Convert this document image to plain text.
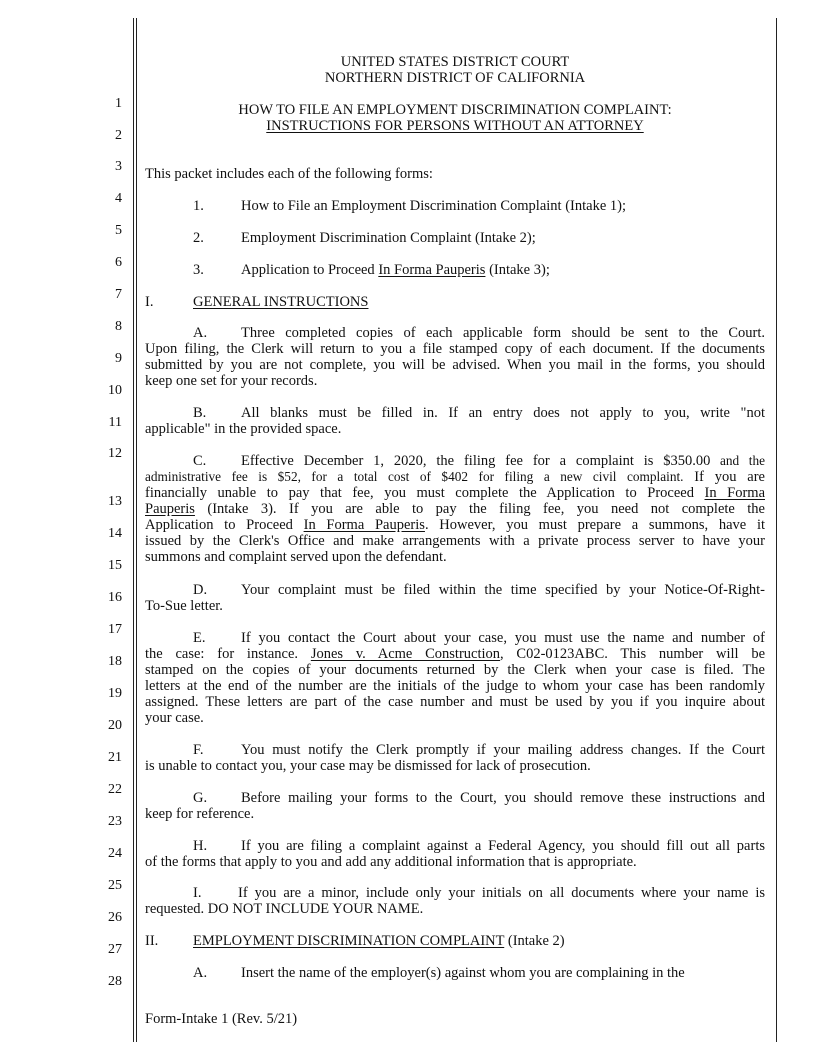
1
2
3
4
5
6
7
8
9
10
11
12
13
14
15
16
17
18
19
20
21
22
23
24
25
26
27
28
UNITED STATES DISTRICT COURT
NORTHERN DISTRICT OF CALIFORNIA
HOW TO FILE AN EMPLOYMENT DISCRIMINATION COMPLAINT:
INSTRUCTIONS FOR PERSONS WITHOUT AN ATTORNEY
This packet includes each of the following forms:
1.	How to File an Employment Discrimination Complaint (Intake 1);
2.	Employment Discrimination Complaint (Intake 2);
3.	Application to Proceed In Forma Pauperis (Intake 3);
I.	GENERAL INSTRUCTIONS
A. Three completed copies of each applicable form should be sent to the Court.
Upon filing, the Clerk will return to you a file stamped copy of each document. If the documents
submitted by you are not complete, you will be advised. When you mail in the forms, you should
keep one set for your records.
B. All blanks must be filled in. If an entry does not apply to you, write "not
applicable" in the provided space.
C. Effective December 1, 2020, the filing fee for a complaint is $350.00 and the
administrative fee is $52, for a total cost of $402 for filing a new civil complaint. If you are
financially unable to pay that fee, you must complete the Application to Proceed In Forma
Pauperis (Intake 3). If you are able to pay the filing fee, you need not complete the
Application to Proceed In Forma Pauperis. However, you must prepare a summons, have it
issued by the Clerk's Office and make arrangements with a private process server to have your
summons and complaint served upon the defendant.
D. Your complaint must be filed within the time specified by your Notice-Of-Right-
To-Sue letter.
E. If you contact the Court about your case, you must use the name and number of
the case: for instance. Jones v. Acme Construction, C02-0123ABC. This number will be
stamped on the copies of your documents returned by the Clerk when your case is filed. The
letters at the end of the number are the initials of the judge to whom your case has been randomly
assigned. These letters are part of the case number and must be used by you if you inquire about
your case.
F.	You must notify the Clerk promptly if your mailing address changes. If the Court
is unable to contact you, your case may be dismissed for lack of prosecution.
G. Before mailing your forms to the Court, you should remove these instructions and
keep for reference.
H. If you are filing a complaint against a Federal Agency, you should fill out all parts
of the forms that apply to you and add any additional information that is appropriate.
I.	If you are a minor, include only your initials on all documents where your name is
requested. DO NOT INCLUDE YOUR NAME.
II. EMPLOYMENT DISCRIMINATION COMPLAINT (Intake 2)
A. Insert the name of the employer(s) against whom you are complaining in the
Form-Intake 1 (Rev. 5/21)
